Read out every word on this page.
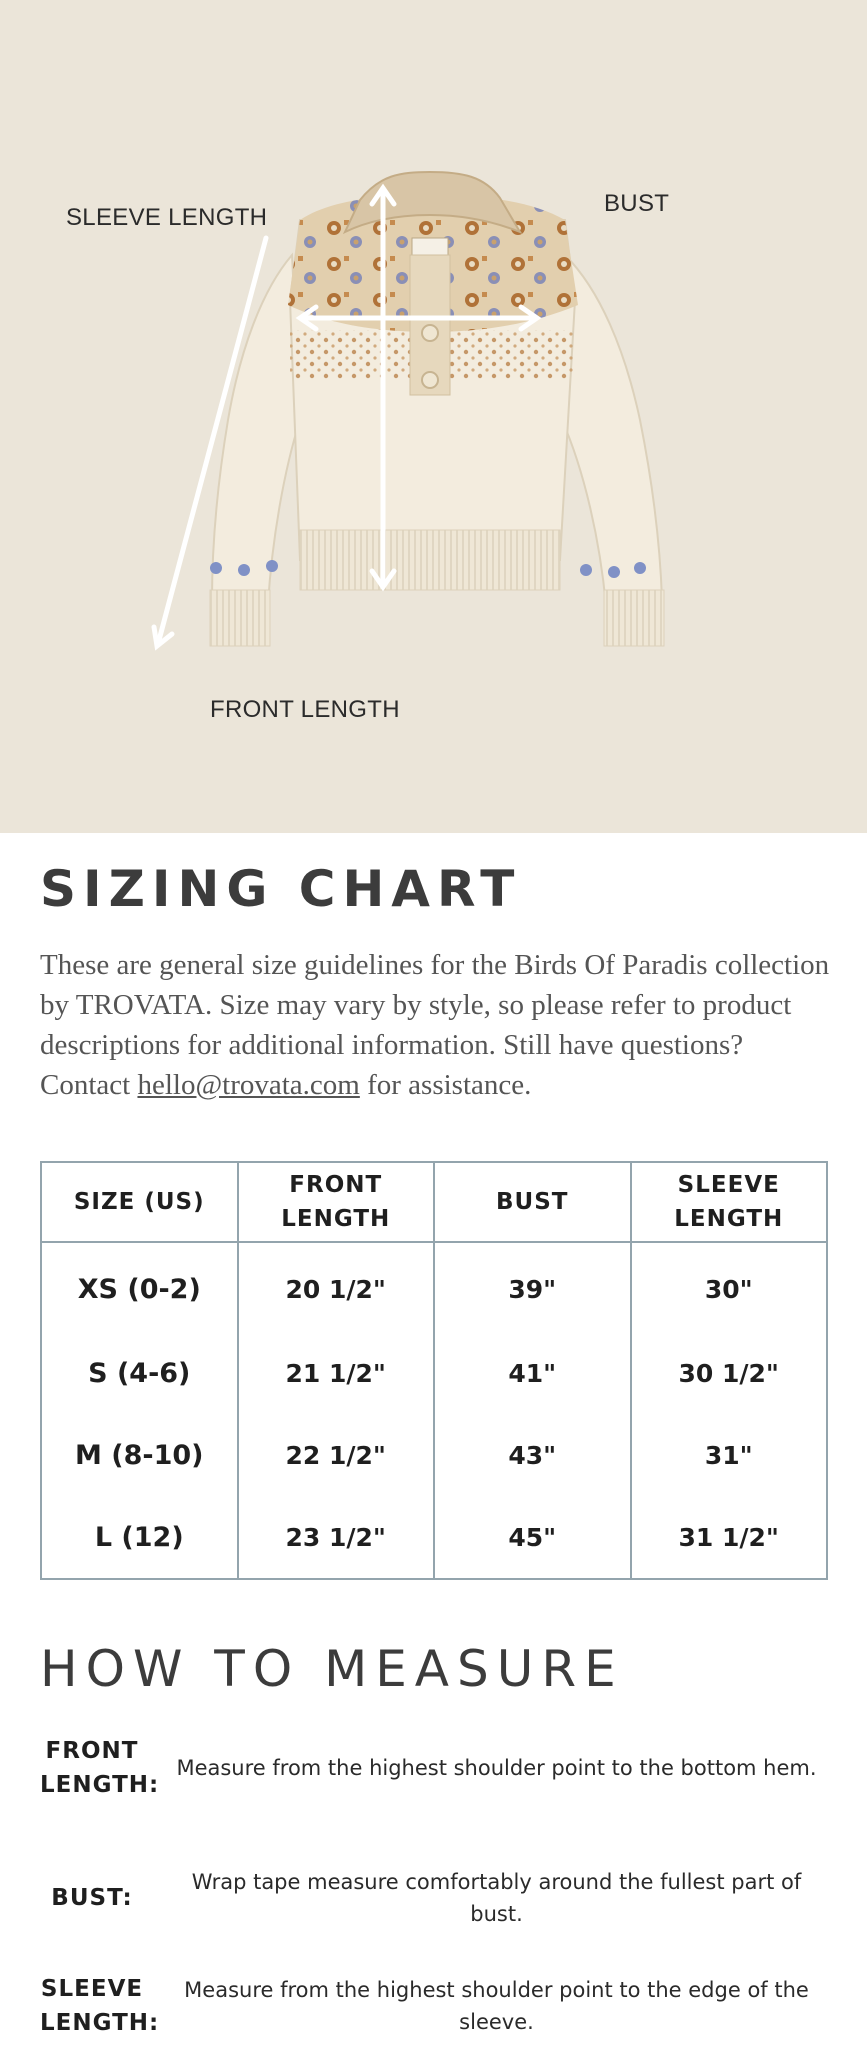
SLEEVE LENGTH
BUST
FRONT LENGTH
SIZING CHART

These are general size guidelines for the Birds Of Paradis collection by TROVATA. Size may vary by style, so please refer to product descriptions for additional information. Still have questions? Contact hello@trovata.com for assistance.

SIZE (US)	FRONT LENGTH	BUST	SLEEVE LENGTH
XS (0-2)	20 1/2"	39"	30"
S (4-6)	21 1/2"	41"	30 1/2"
M (8-10)	22 1/2"	43"	31"
L (12)	23 1/2"	45"	31 1/2"
HOW TO MEASURE
FRONT LENGTH:
Measure from the highest shoulder point to the bottom hem.
BUST:
Wrap tape measure comfortably around the fullest part of bust.
SLEEVE LENGTH:
Measure from the highest shoulder point to the edge of the sleeve.
